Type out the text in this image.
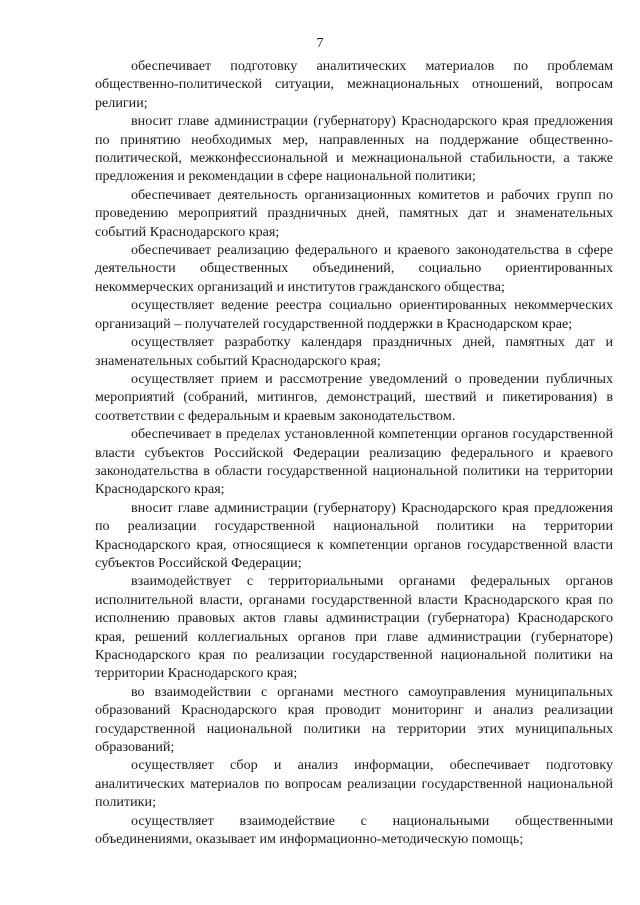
7

обеспечивает подготовку аналитических материалов по проблемам общественно-политической ситуации, межнациональных отношений, вопросам религии;

вносит главе администрации (губернатору) Краснодарского края предложения по принятию необходимых мер, направленных на поддержание общественно-политической, межконфессиональной и межнациональной стабильности, а также предложения и рекомендации в сфере национальной политики;

обеспечивает деятельность организационных комитетов и рабочих групп по проведению мероприятий праздничных дней, памятных дат и знаменательных событий Краснодарского края;

обеспечивает реализацию федерального и краевого законодательства в сфере деятельности общественных объединений, социально ориентированных некоммерческих организаций и институтов гражданского общества;

осуществляет ведение реестра социально ориентированных некоммерческих организаций – получателей государственной поддержки в Краснодарском крае;

осуществляет разработку календаря праздничных дней, памятных дат и знаменательных событий Краснодарского края;

осуществляет прием и рассмотрение уведомлений о проведении публичных мероприятий (собраний, митингов, демонстраций, шествий и пикетирования) в соответствии с федеральным и краевым законодательством.

обеспечивает в пределах установленной компетенции органов государственной власти субъектов Российской Федерации реализацию федерального и краевого законодательства в области государственной национальной политики на территории Краснодарского края;

вносит главе администрации (губернатору) Краснодарского края предложения по реализации государственной национальной политики на территории Краснодарского края, относящиеся к компетенции органов государственной власти субъектов Российской Федерации;

взаимодействует с территориальными органами федеральных органов исполнительной власти, органами государственной власти Краснодарского края по исполнению правовых актов главы администрации (губернатора) Краснодарского края, решений коллегиальных органов при главе администрации (губернаторе) Краснодарского края по реализации государственной национальной политики на территории Краснодарского края;

во взаимодействии с органами местного самоуправления муниципальных образований Краснодарского края проводит мониторинг и анализ реализации государственной национальной политики на территории этих муниципальных образований;

осуществляет сбор и анализ информации, обеспечивает подготовку аналитических материалов по вопросам реализации государственной национальной политики;

осуществляет взаимодействие с национальными общественными объединениями, оказывает им информационно-методическую помощь;
